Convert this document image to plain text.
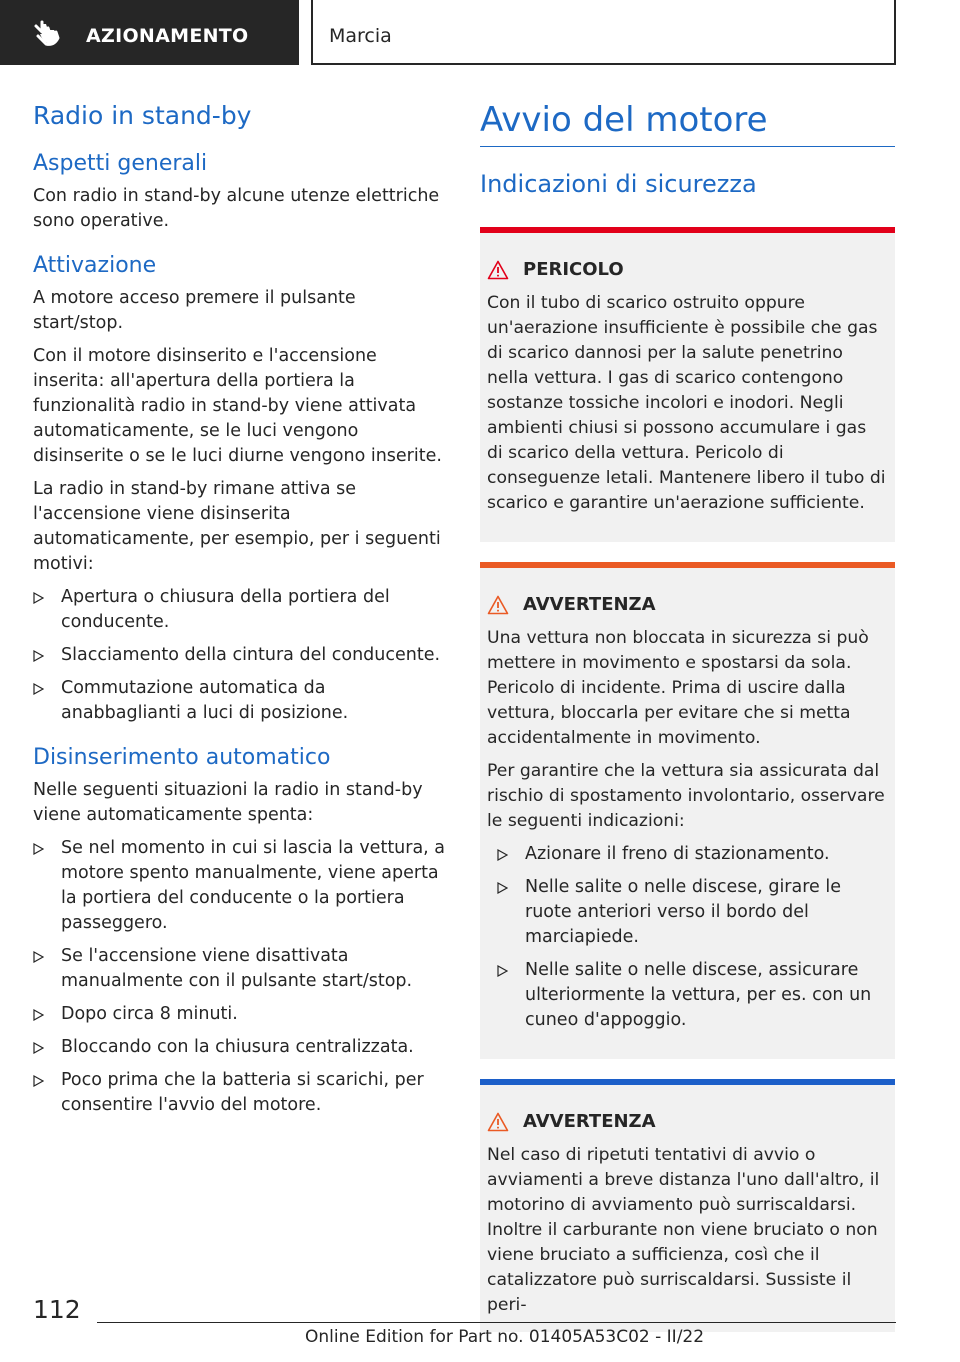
AZIONAMENTO	Marcia
Radio in stand-by
Aspetti generali

Con radio in stand-by alcune utenze elettriche sono operative.

Attivazione

A motore acceso premere il pulsante start/stop.

Con il motore disinserito e l'accensione inserita: all'apertura della portiera la funzionalità radio in stand-by viene attivata automaticamente, se le luci vengono disinserite o se le luci diurne vengono inserite.

La radio in stand-by rimane attiva se l'accensione viene disinserita automaticamente, per esempio, per i seguenti motivi:

Apertura o chiusura della portiera del conducente.
Slacciamento della cintura del conducente.
Commutazione automatica da anabbaglianti a luci di posizione.
Disinserimento automatico

Nelle seguenti situazioni la radio in stand-by viene automaticamente spenta:

Se nel momento in cui si lascia la vettura, a motore spento manualmente, viene aperta la portiera del conducente o la portiera passeggero.
Se l'accensione viene disattivata manualmente con il pulsante start/stop.
Dopo circa 8 minuti.
Bloccando con la chiusura centralizzata.
Poco prima che la batteria si scarichi, per consentire l'avvio del motore.
Avvio del motore
Indicazioni di sicurezza
PERICOLO

Con il tubo di scarico ostruito oppure un'aerazione insufficiente è possibile che gas di scarico dannosi per la salute penetrino nella vettura. I gas di scarico contengono sostanze tossiche incolori e inodori. Negli ambienti chiusi si possono accumulare i gas di scarico della vettura. Pericolo di conseguenze letali. Mantenere libero il tubo di scarico e garantire un'aerazione sufficiente.

AVVERTENZA

Una vettura non bloccata in sicurezza si può mettere in movimento e spostarsi da sola. Pericolo di incidente. Prima di uscire dalla vettura, bloccarla per evitare che si metta accidentalmente in movimento.

Per garantire che la vettura sia assicurata dal rischio di spostamento involontario, osservare le seguenti indicazioni:

Azionare il freno di stazionamento.
Nelle salite o nelle discese, girare le ruote anteriori verso il bordo del marciapiede.
Nelle salite o nelle discese, assicurare ulteriormente la vettura, per es. con un cuneo d'appoggio.
AVVERTENZA

Nel caso di ripetuti tentativi di avvio o avviamenti a breve distanza l'uno dall'altro, il motorino di avviamento può surriscaldarsi. Inoltre il carburante non viene bruciato o non viene bruciato a sufficienza, così che il catalizzatore può surriscaldarsi. Sussiste il peri-

112
Online Edition for Part no. 01405A53C02 - II/22
